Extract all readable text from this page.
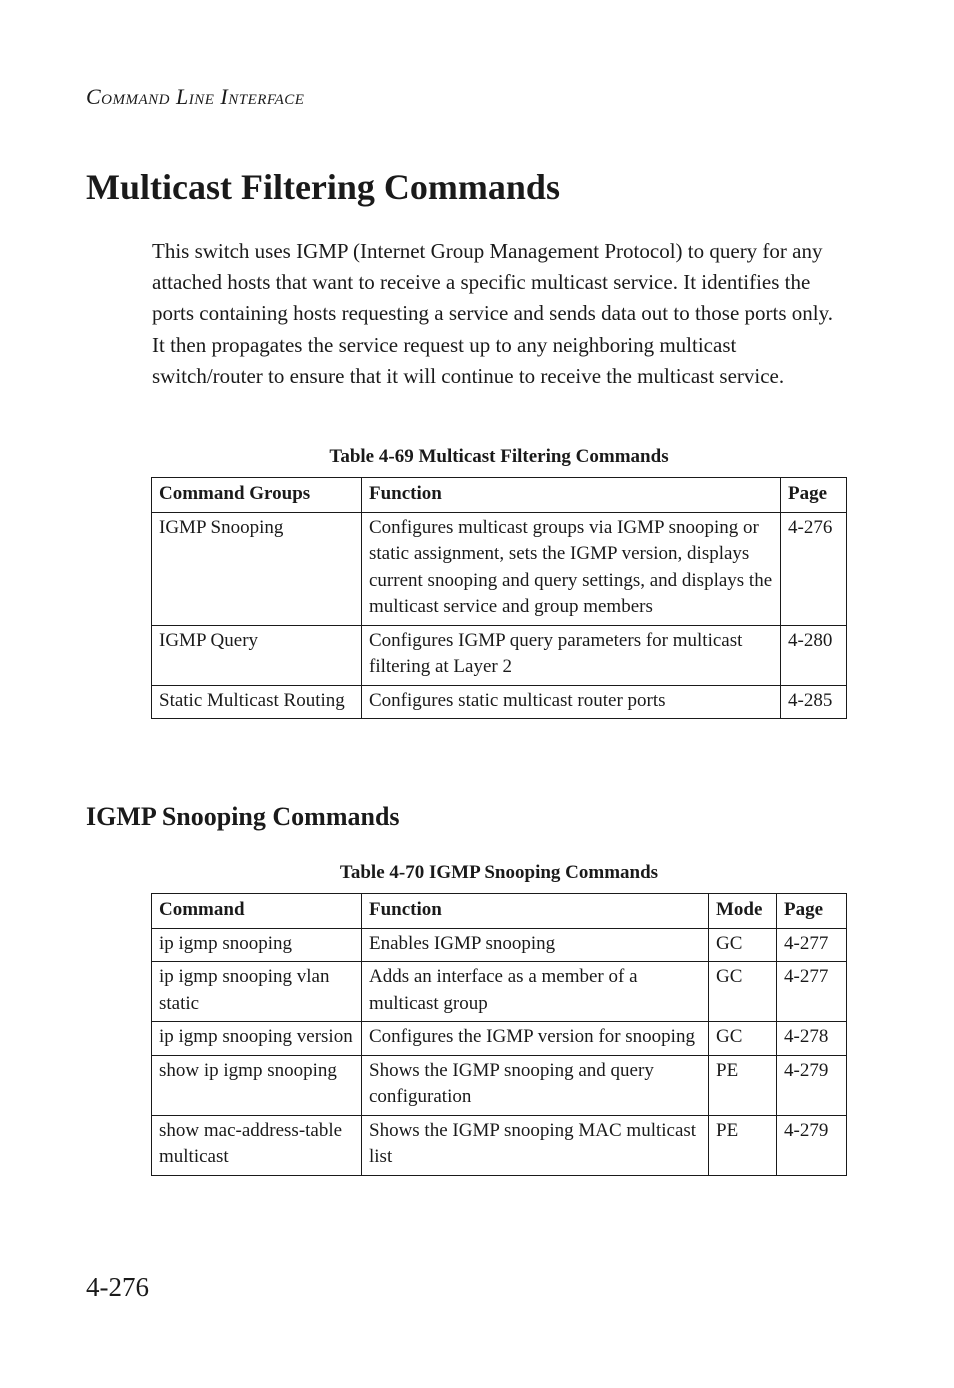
Command Line Interface
Multicast Filtering Commands

This switch uses IGMP (Internet Group Management Protocol) to query for any attached hosts that want to receive a specific multicast service. It identifies the ports containing hosts requesting a service and sends data out to those ports only. It then propagates the service request up to any neighboring multicast switch/router to ensure that it will continue to receive the multicast service.

Table 4-69 Multicast Filtering Commands
Command Groups	Function	Page
IGMP Snooping	Configures multicast groups via IGMP snooping or static assignment, sets the IGMP version, displays current snooping and query settings, and displays the multicast service and group members	4-276
IGMP Query	Configures IGMP query parameters for multicast filtering at Layer 2	4-280
Static Multicast Routing	Configures static multicast router ports	4-285
IGMP Snooping Commands
Table 4-70 IGMP Snooping Commands
Command	Function	Mode	Page
ip igmp snooping	Enables IGMP snooping	GC	4-277
ip igmp snooping vlan static	Adds an interface as a member of a multicast group	GC	4-277
ip igmp snooping version	Configures the IGMP version for snooping	GC	4-278
show ip igmp snooping	Shows the IGMP snooping and query configuration	PE	4-279
show mac-address-table multicast	Shows the IGMP snooping MAC multicast list	PE	4-279
4-276
